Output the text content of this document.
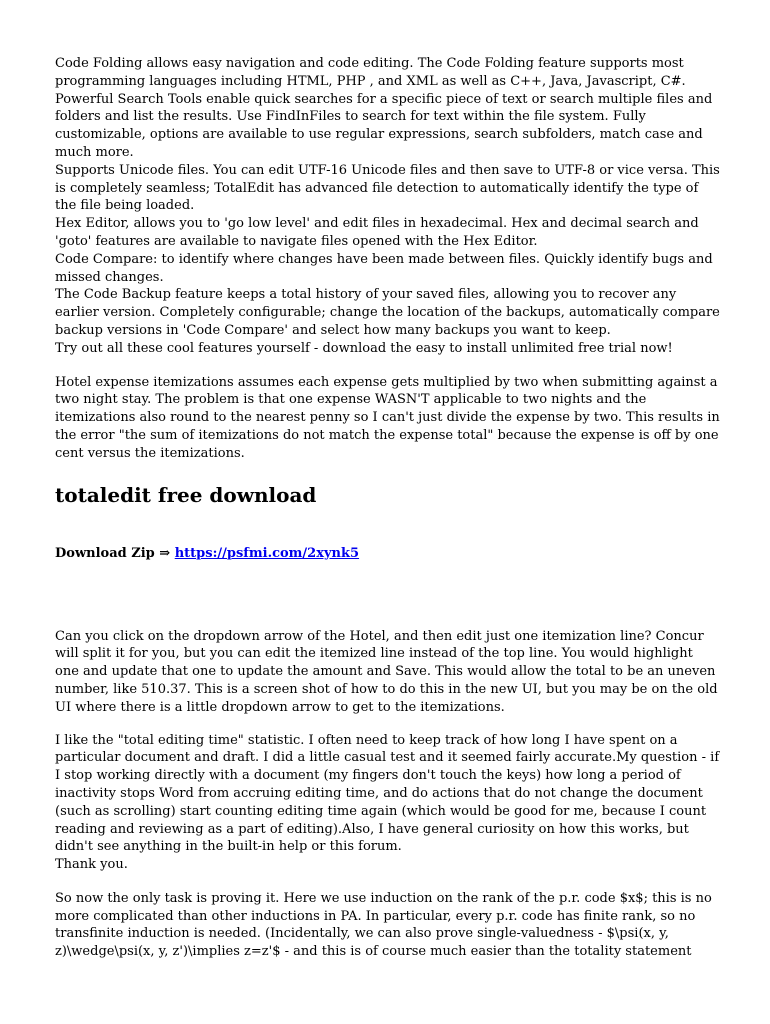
Code Folding allows easy navigation and code editing. The Code Folding feature supports most programming languages including HTML, PHP , and XML as well as C++, Java, Javascript, C#.

Powerful Search Tools enable quick searches for a specific piece of text or search multiple files and folders and list the results. Use FindInFiles to search for text within the file system. Fully customizable, options are available to use regular expressions, search subfolders, match case and much more.

Supports Unicode files. You can edit UTF-16 Unicode files and then save to UTF-8 or vice versa. This is completely seamless; TotalEdit has advanced file detection to automatically identify the type of the file being loaded.

Hex Editor, allows you to 'go low level' and edit files in hexadecimal. Hex and decimal search and 'goto' features are available to navigate files opened with the Hex Editor.

Code Compare: to identify where changes have been made between files. Quickly identify bugs and missed changes.

The Code Backup feature keeps a total history of your saved files, allowing you to recover any earlier version. Completely configurable; change the location of the backups, automatically compare backup versions in 'Code Compare' and select how many backups you want to keep.

Try out all these cool features yourself - download the easy to install unlimited free trial now!

Hotel expense itemizations assumes each expense gets multiplied by two when submitting against a two night stay. The problem is that one expense WASN'T applicable to two nights and the itemizations also round to the nearest penny so I can't just divide the expense by two. This results in the error "the sum of itemizations do not match the expense total" because the expense is off by one cent versus the itemizations.

totaledit free download

Download Zip ⇒ https://psfmi.com/2xynk5

Can you click on the dropdown arrow of the Hotel, and then edit just one itemization line? Concur will split it for you, but you can edit the itemized line instead of the top line. You would highlight one and update that one to update the amount and Save. This would allow the total to be an uneven number, like 510.37. This is a screen shot of how to do this in the new UI, but you may be on the old UI where there is a little dropdown arrow to get to the itemizations.

I like the "total editing time" statistic. I often need to keep track of how long I have spent on a particular document and draft. I did a little casual test and it seemed fairly accurate.My question - if I stop working directly with a document (my fingers don't touch the keys) how long a period of inactivity stops Word from accruing editing time, and do actions that do not change the document (such as scrolling) start counting editing time again (which would be good for me, because I count reading and reviewing as a part of editing).Also, I have general curiosity on how this works, but didn't see anything in the built-in help or this forum.

Thank you.

So now the only task is proving it. Here we use induction on the rank of the p.r. code $x$; this is no more complicated than other inductions in PA. In particular, every p.r. code has finite rank, so no transfinite induction is needed. (Incidentally, we can also prove single-valuedness - $\psi(x, y, z)\wedge\psi(x, y, z')\implies z=z'$ - and this is of course much easier than the totality statement
